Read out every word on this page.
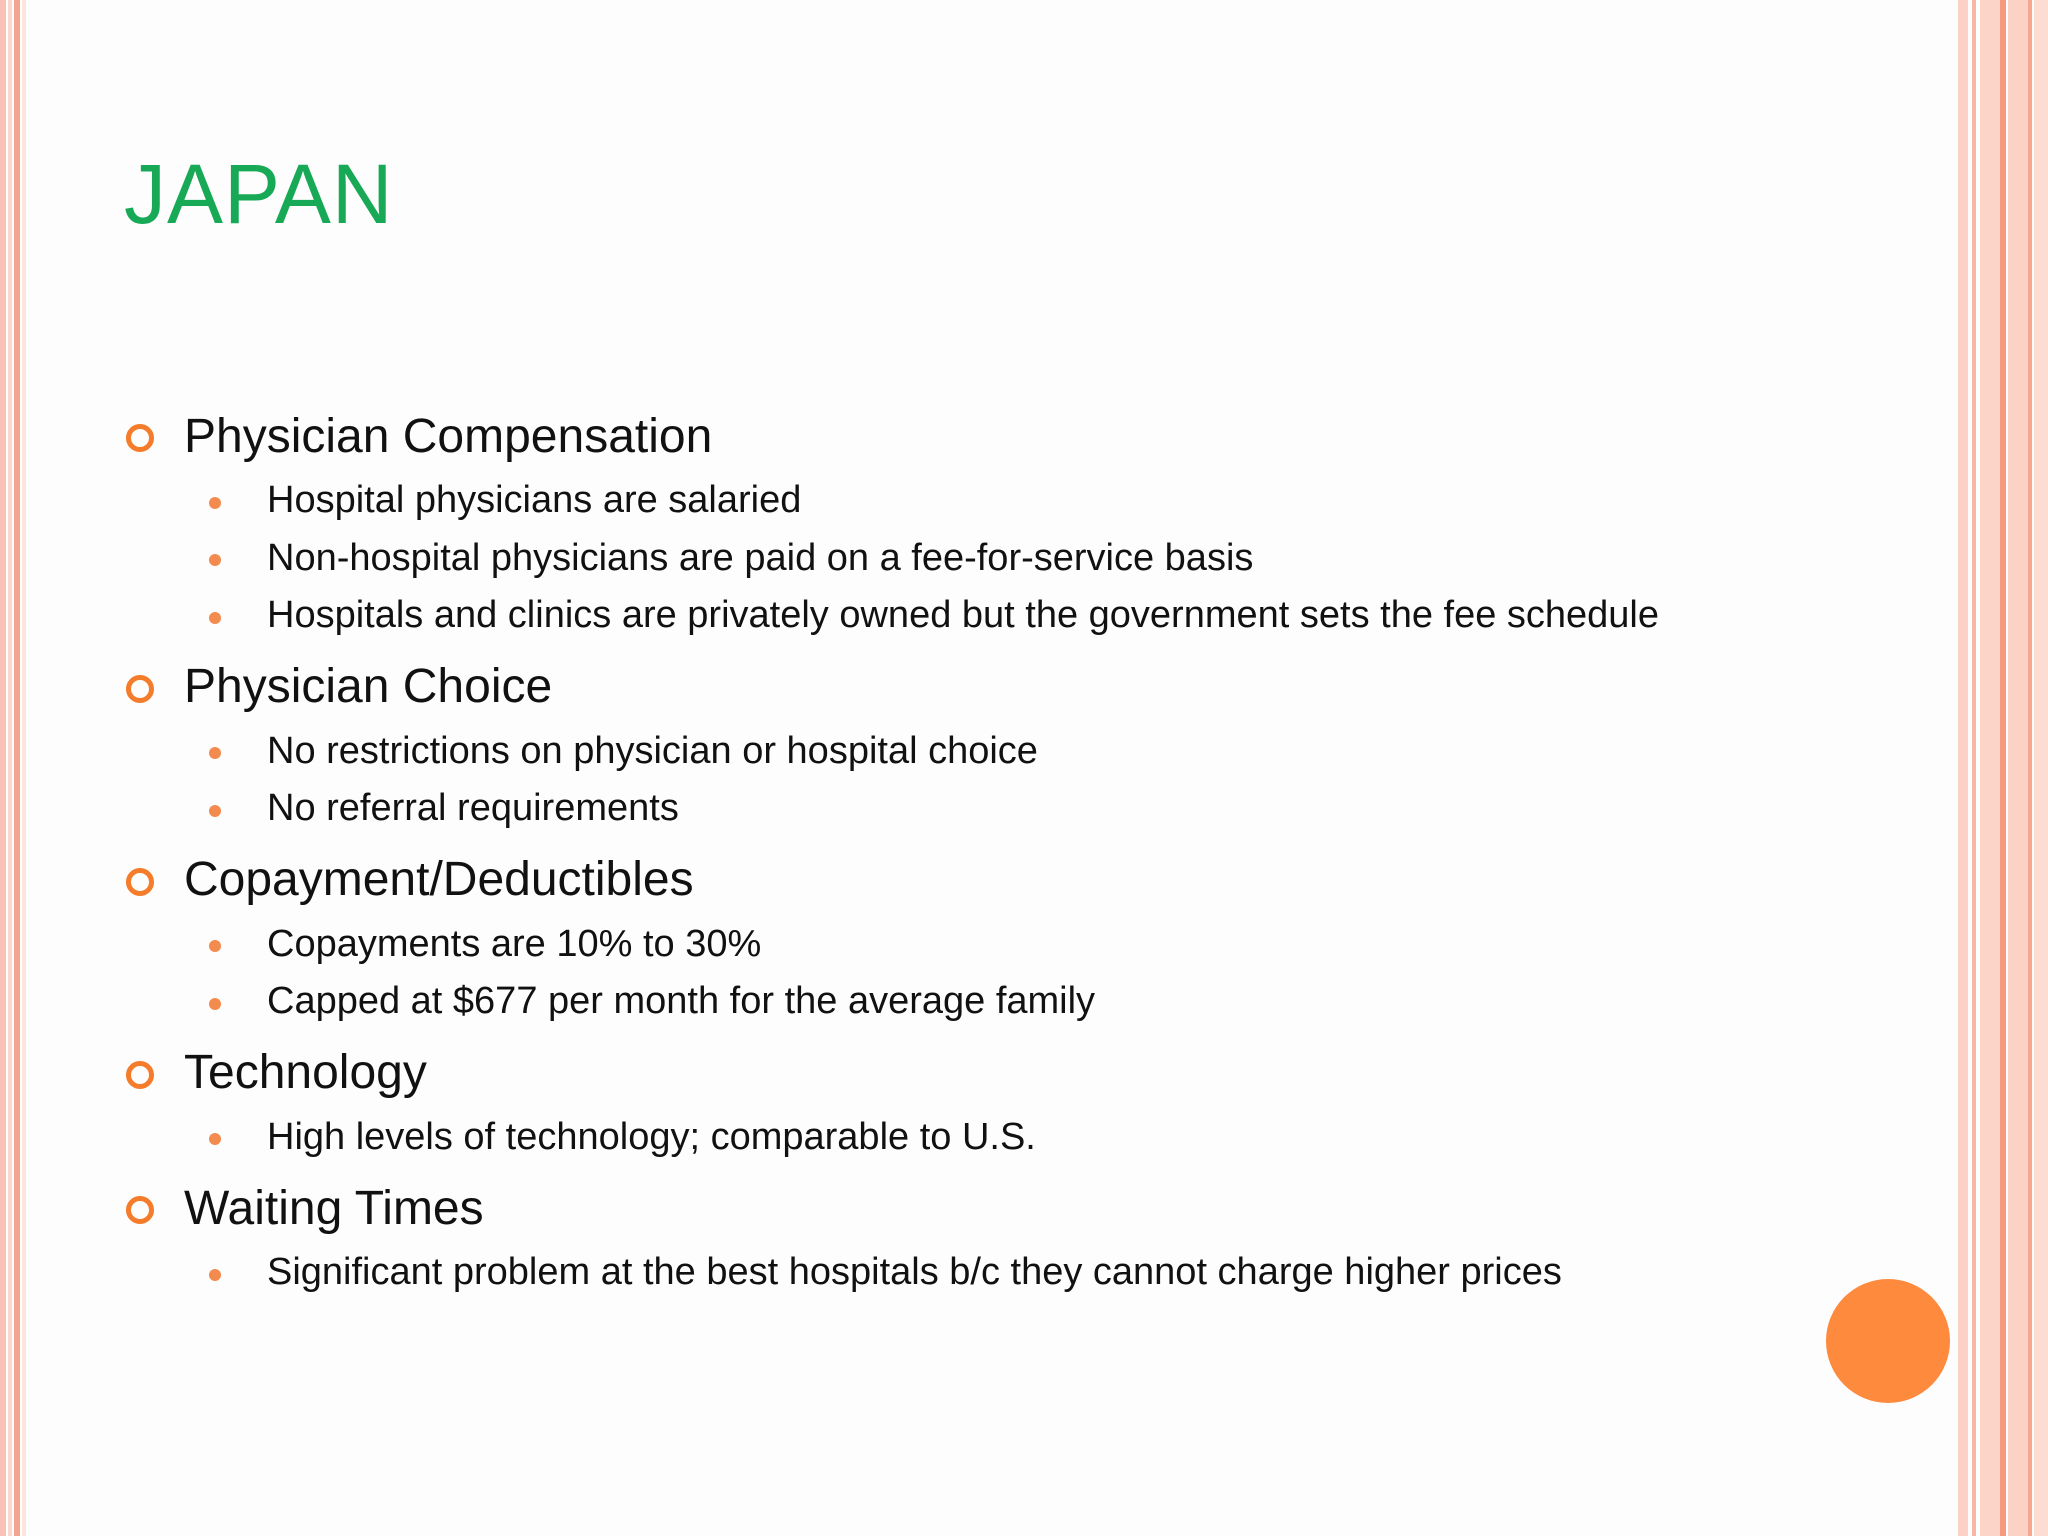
JAPAN
Physician Compensation
Hospital physicians are salaried
Non-hospital physicians are paid on a fee-for-service basis
Hospitals and clinics are privately owned but the government sets the fee schedule
Physician Choice
No restrictions on physician or hospital choice
No referral requirements
Copayment/Deductibles
Copayments are 10% to 30%
Capped at $677 per month for the average family
Technology
High levels of technology; comparable to U.S.
Waiting Times
Significant problem at the best hospitals b/c they cannot charge higher prices
